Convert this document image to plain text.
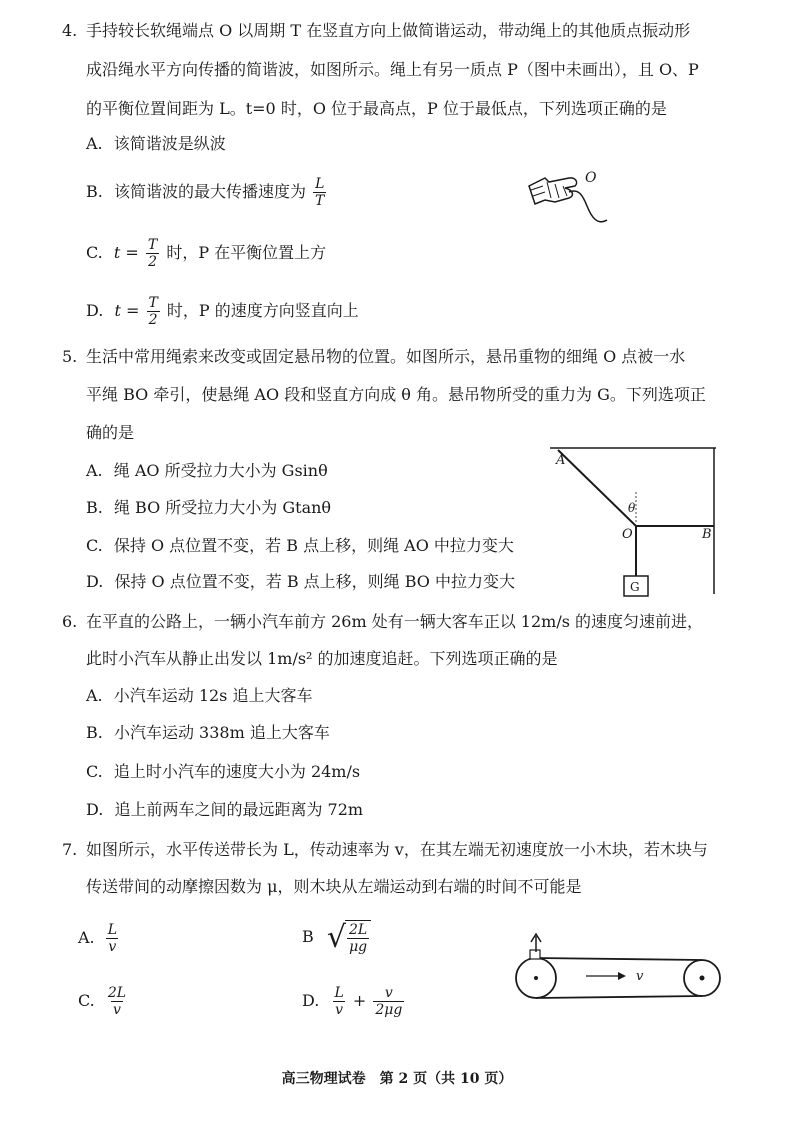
4. 手持较长软绳端点 O 以周期 T 在竖直方向上做简谐运动，带动绳上的其他质点振动形
成沿绳水平方向传播的简谐波，如图所示。绳上有另一质点 P（图中未画出），且 O、P
的平衡位置间距为 L。t=0 时，O 位于最高点，P 位于最低点，下列选项正确的是
A. 该简谐波是纵波
B. 该简谐波的最大传播速度为 $\frac{L}{T}$
C. $t = \frac{T}{2}$ 时，P 在平衡位置上方
D. $t = \frac{T}{2}$ 时，P 的速度方向竖直向上
O
5. 生活中常用绳索来改变或固定悬吊物的位置。如图所示，悬吊重物的细绳 O 点被一水
平绳 BO 牵引，使悬绳 AO 段和竖直方向成 θ 角。悬吊物所受的重力为 G。下列选项正
确的是
A. 绳 AO 所受拉力大小为 Gsinθ
B. 绳 BO 所受拉力大小为 Gtanθ
C. 保持 O 点位置不变，若 B 点上移，则绳 AO 中拉力变大
D. 保持 O 点位置不变，若 B 点上移，则绳 BO 中拉力变大
A
B
O
θ
G
6. 在平直的公路上，一辆小汽车前方 26m 处有一辆大客车正以 12m/s 的速度匀速前进，
此时小汽车从静止出发以 1m/s² 的加速度追赶。下列选项正确的是
A. 小汽车运动 12s 追上大客车
B. 小汽车运动 338m 追上大客车
C. 追上时小汽车的速度大小为 24m/s
D. 追上前两车之间的最远距离为 72m
7. 如图所示，水平传送带长为 L，传动速率为 v，在其左端无初速度放一小木块，若木块与
传送带间的动摩擦因数为 μ，则木块从左端运动到右端的时间不可能是
A. $\frac{L}{v}$	B √ $\frac{2L}{\mu g}$
C. $\frac{2L}{v}$	D. $\frac{L}{v} + \frac{v}{2\mu g}$
v
高三物理试卷　第 2 页（共 10 页）
